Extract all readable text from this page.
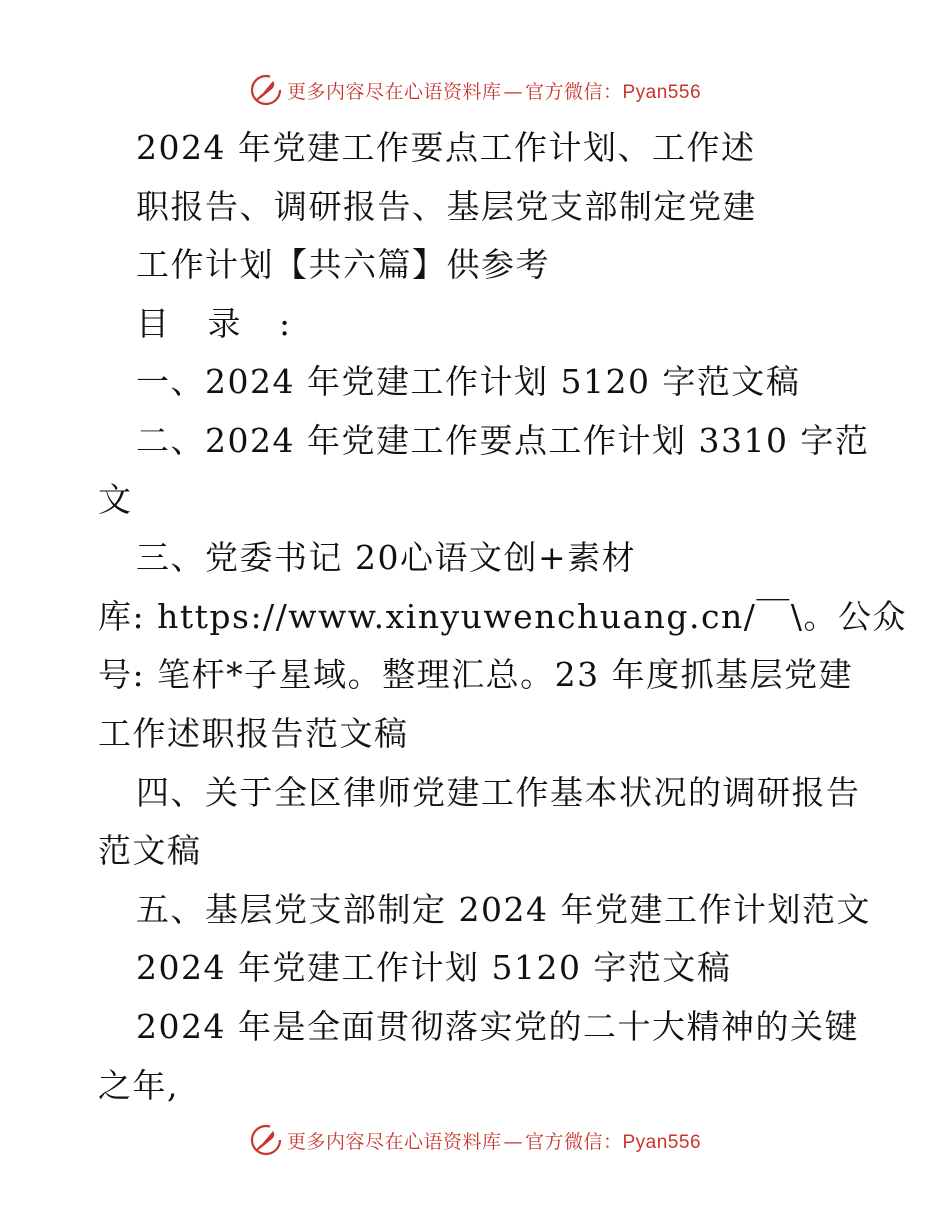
更多内容尽在心语资料库 — 官方微信：Pyan556
2024 年党建工作要点工作计划、工作述
职报告、调研报告、基层党支部制定党建
工作计划【共六篇】供参考
目 录 :
一、2024 年党建工作计划 5120 字范文稿
二、2024 年党建工作要点工作计划 3310 字范
文
三、党委书记 20心语文创+素材
库: https://www.xinyuwenchuang.cn/￣\。公众
号: 笔杆*子星域。整理汇总。23 年度抓基层党建
工作述职报告范文稿
四、关于全区律师党建工作基本状况的调研报告
范文稿
五、基层党支部制定 2024 年党建工作计划范文
2024 年党建工作计划 5120 字范文稿
2024 年是全面贯彻落实党的二十大精神的关键
之年,
更多内容尽在心语资料库 — 官方微信：Pyan556
